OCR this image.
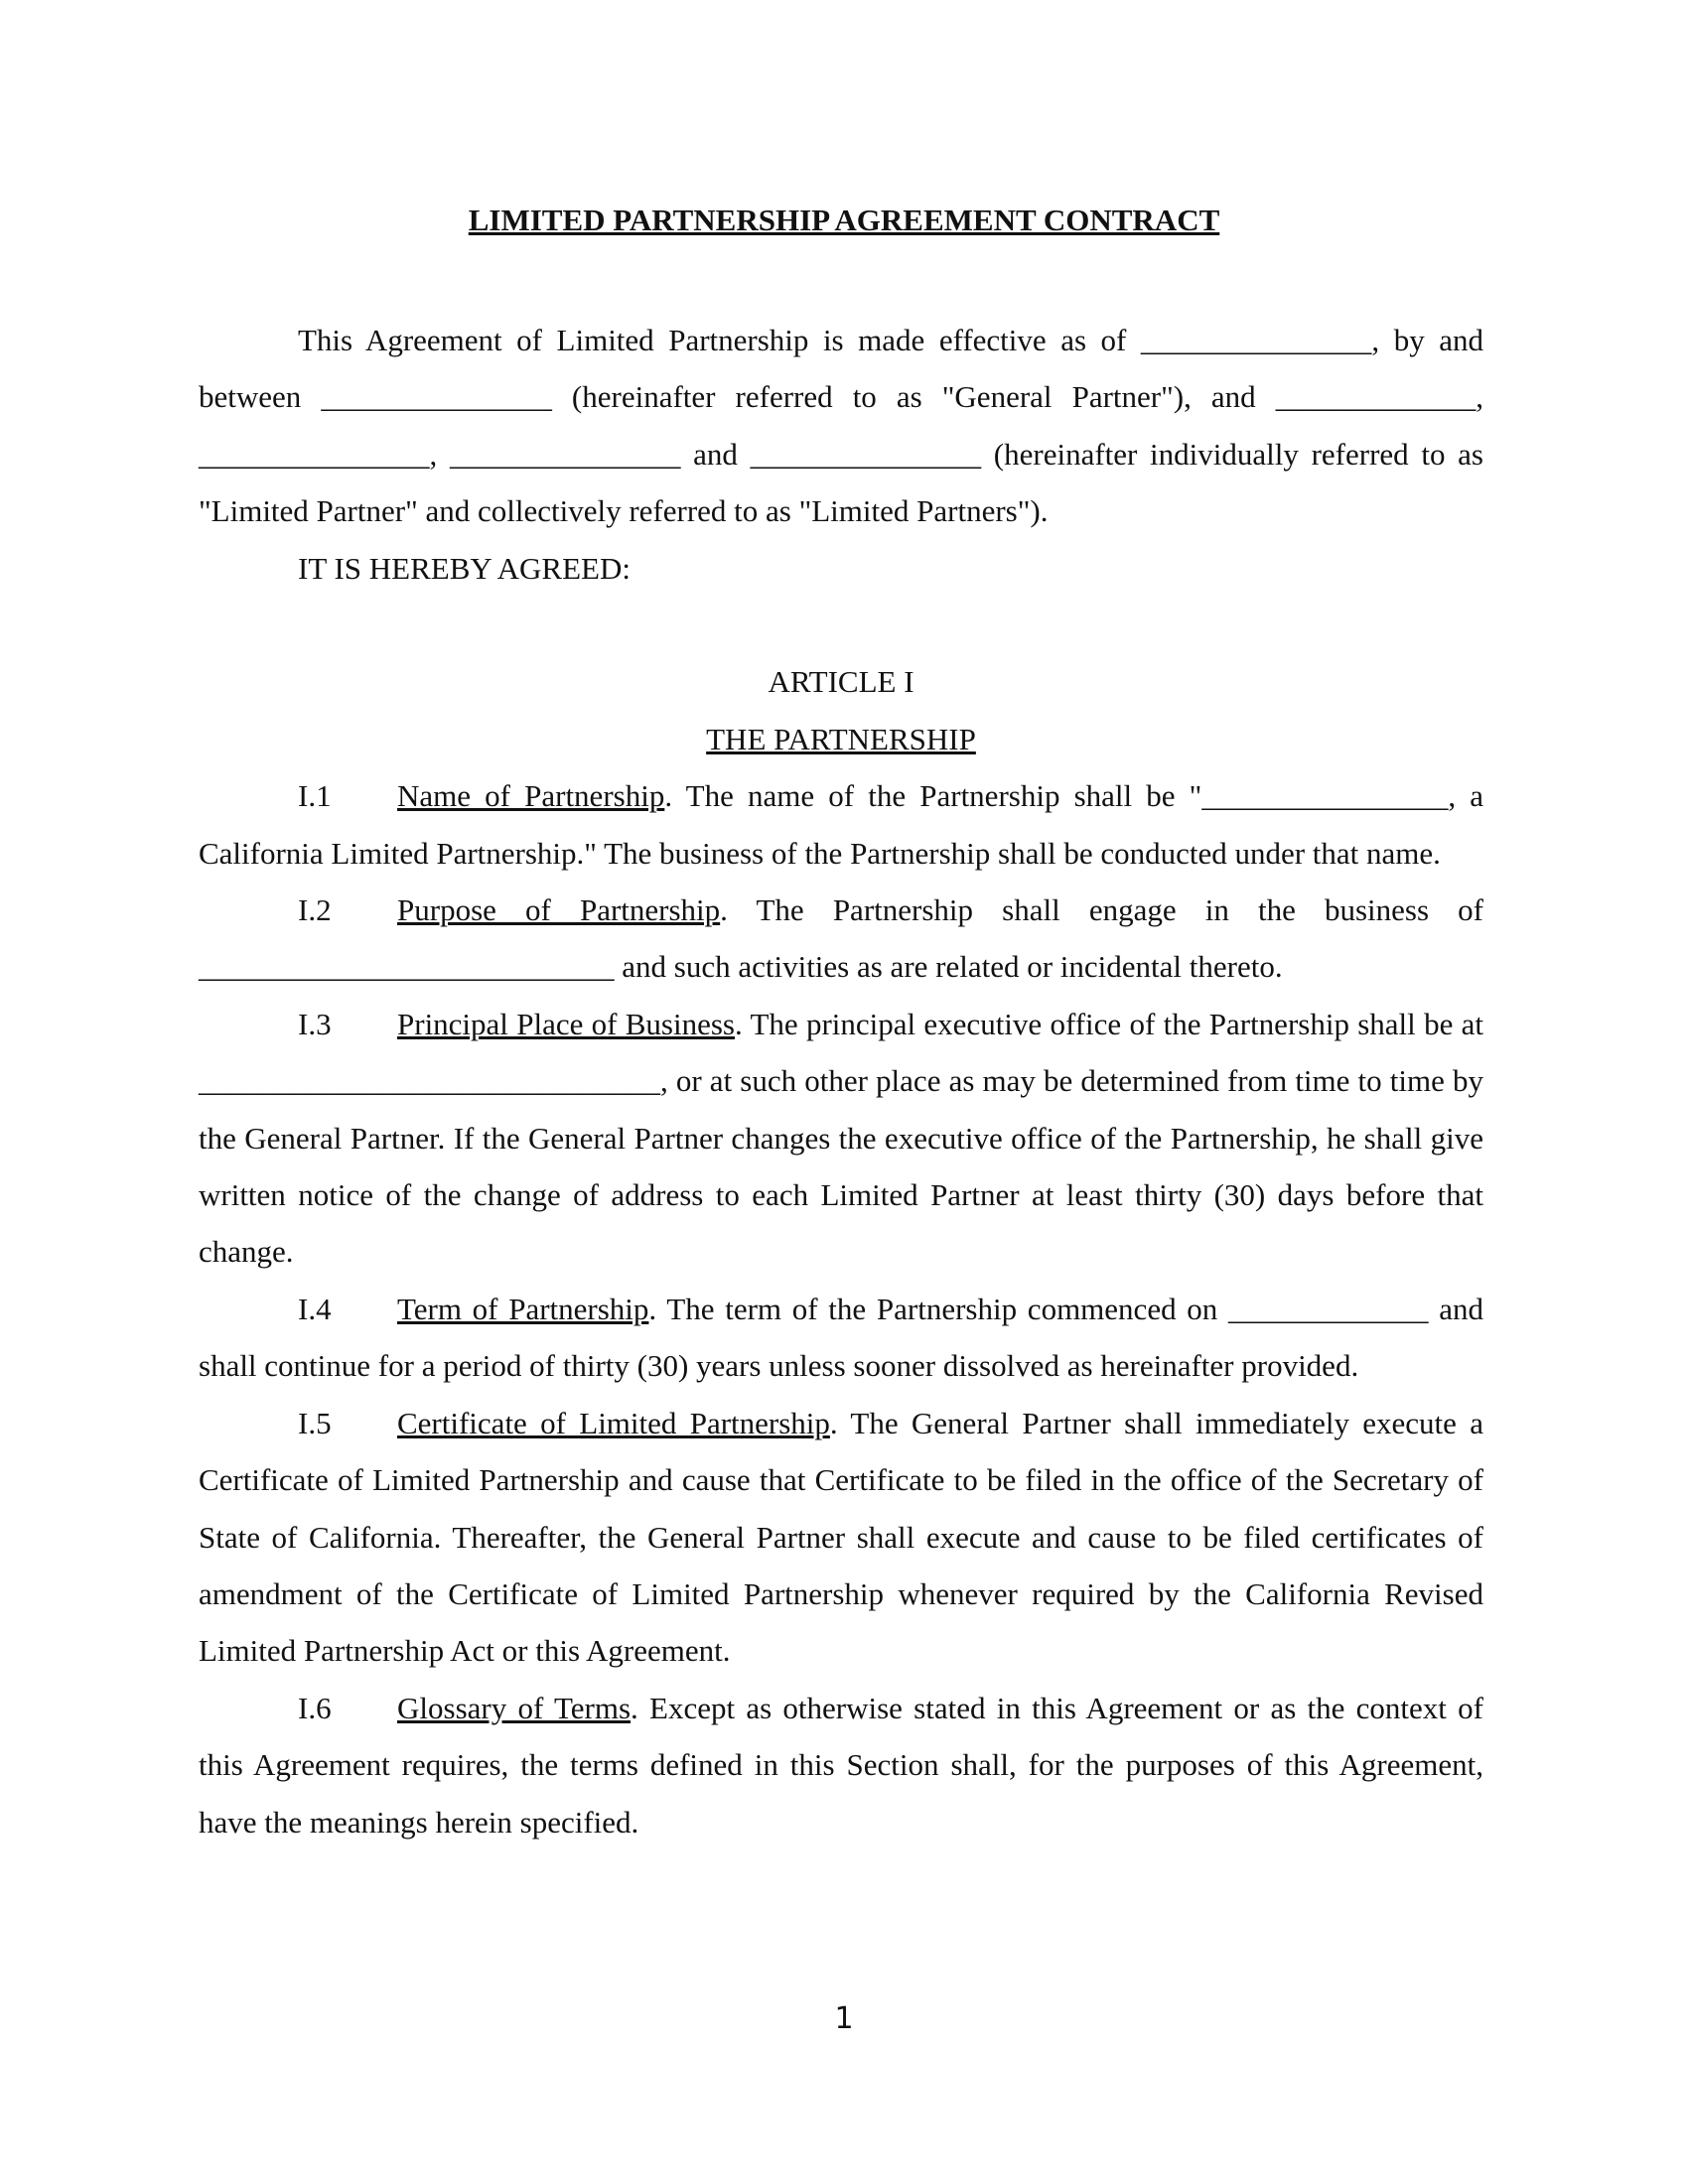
LIMITED PARTNERSHIP AGREEMENT CONTRACT

This Agreement of Limited Partnership is made effective as of _______________, by and between _______________ (hereinafter referred to as "General Partner"), and _____________, _______________, _______________ and _______________ (hereinafter individually referred to as "Limited Partner" and collectively referred to as "Limited Partners").

IT IS HEREBY AGREED:

ARTICLE I

THE PARTNERSHIP

I.1 Name of Partnership. The name of the Partnership shall be "________________, a California Limited Partnership." The business of the Partnership shall be conducted under that name.

I.2 Purpose of Partnership. The Partnership shall engage in the business of ___________________________ and such activities as are related or incidental thereto.

I.3 Principal Place of Business. The principal executive office of the Partnership shall be at ______________________________, or at such other place as may be determined from time to time by the General Partner. If the General Partner changes the executive office of the Partnership, he shall give written notice of the change of address to each Limited Partner at least thirty (30) days before that change.

I.4 Term of Partnership. The term of the Partnership commenced on _____________ and shall continue for a period of thirty (30) years unless sooner dissolved as hereinafter provided.

I.5 Certificate of Limited Partnership. The General Partner shall immediately execute a Certificate of Limited Partnership and cause that Certificate to be filed in the office of the Secretary of State of California. Thereafter, the General Partner shall execute and cause to be filed certificates of amendment of the Certificate of Limited Partnership whenever required by the California Revised Limited Partnership Act or this Agreement.

I.6 Glossary of Terms. Except as otherwise stated in this Agreement or as the context of this Agreement requires, the terms defined in this Section shall, for the purposes of this Agreement, have the meanings herein specified.

1
